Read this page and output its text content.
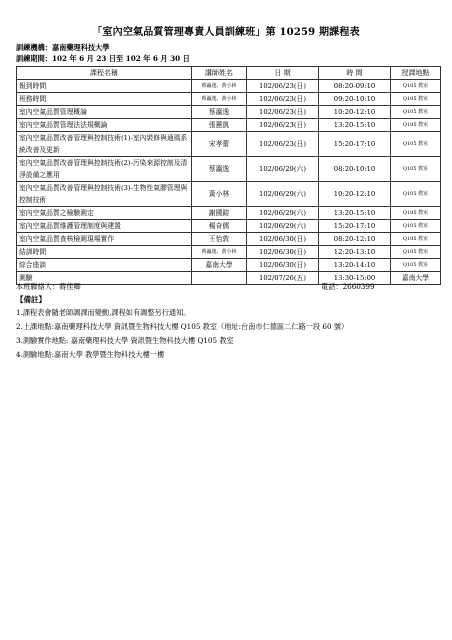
「室內空氣品質管理專責人員訓練班」第 10259 期課程表
訓練機構：嘉南藥理科技大學
訓練期間：102 年 6 月 23 日至 102 年 6 月 30 日
課程名稱	講師姓名	日 期	時 間	授課地點
報到時間	蔡瀛逸、黃小林	102/06/23(日)	08:20-09:10	Q105 教室
班務時間	蔡瀛逸、黃小林	102/06/23(日)	09:20-10:10	Q105 教室
室內空氣品質管理概論	蔡瀛逸	102/06/23(日)	10:20-12:10	Q105 教室
室內空氣品質管理法法規概論	張蕙凱	102/06/23(日)	13:20-15:10	Q105 教室
室內空氣品質改善管理與控制技術(1)-室內裝修與通風系統改善及更新	宋孝蕾	102/06/23(日)	15:20-17:10	Q105 教室
室內空氣品質改善管理與控制技術(2)-污染來源控制及清淨設備之應用	蔡瀛逸	102/06/29(六)	08:20-10:10	Q105 教室
室內空氣品質改善管理與控制技術(3)-生物性氣膠管理與控制技術	黃小林	102/06/29(六)	10:20-12:10	Q105 教室
室內空氣品質之檢驗測定	謝國鎔	102/06/29(六)	13:20-15:10	Q105 教室
室內空氣品質維護管理制度與建置	楊奇儒	102/06/29(六)	15:20-17:10	Q105 教室
室內空氣品質查核檢測現場實作	王怡敦	102/06/30(日)	08:20-12:10	Q105 教室
結訓時間	蔡瀛逸、黃小林	102/06/30(日)	12:20-13:10	Q105 教室
綜合座談	嘉南大學	102/06/30(日)	13:20-14:10	Q105 教室
測驗		102/07/26(五)	13:30-15:00	嘉南大學
本班聯絡人：蔣佳卿	電話：2660399
【備註】
1.課程表會隨老師調課而變動,課程如有調整另行通知。
2.上課地點:嘉南藥理科技大學 資訊暨生物科技大樓 Q105 教室（地址:台南市仁德區二仁路一段 60 號）
3.測驗實作地點: 嘉南藥理科技大學 資訊暨生物科技大樓 Q105 教室
4.測驗地點:嘉南大學 教學暨生物科技大樓一樓
